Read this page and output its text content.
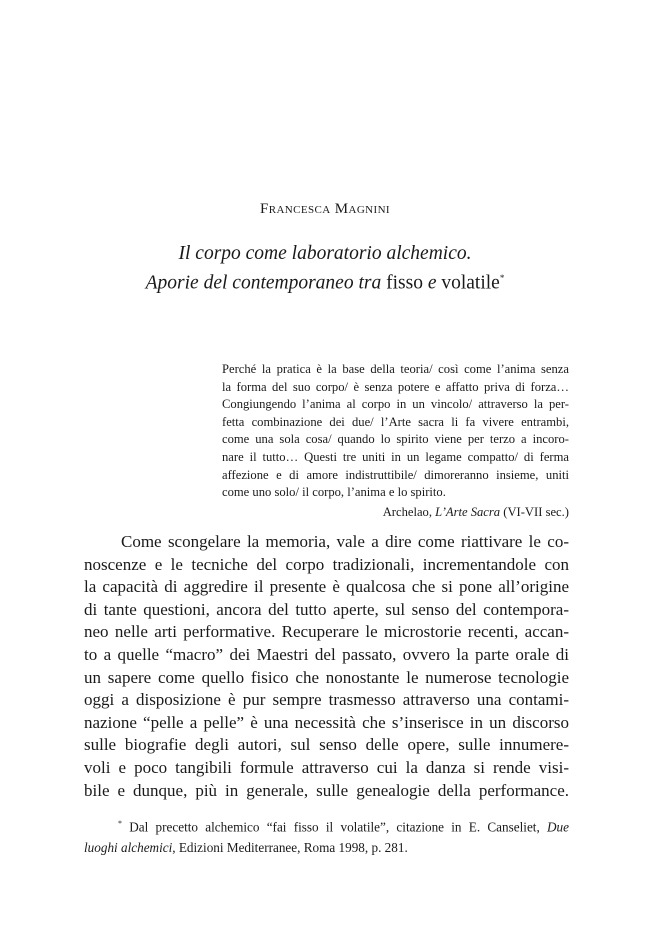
Francesca Magnini
Il corpo come laboratorio alchemico.
Aporie del contemporaneo tra fisso e volatile*
Perché la pratica è la base della teoria/ così come l’anima senza
la forma del suo corpo/ è senza potere e affatto priva di forza…
Congiungendo l’anima al corpo in un vincolo/ attraverso la per-
fetta combinazione dei due/ l’Arte sacra li fa vivere entrambi,
come una sola cosa/ quando lo spirito viene per terzo a incoro-
nare il tutto… Questi tre uniti in un legame compatto/ di ferma
affezione e di amore indistruttibile/ dimoreranno insieme, uniti
come uno solo/ il corpo, l’anima e lo spirito.
Archelao, L’Arte Sacra (VI-VII sec.)
Come scongelare la memoria, vale a dire come riattivare le co-
noscenze e le tecniche del corpo tradizionali, incrementandole con
la capacità di aggredire il presente è qualcosa che si pone all’origine
di tante questioni, ancora del tutto aperte, sul senso del contempora-
neo nelle arti performative. Recuperare le microstorie recenti, accan-
to a quelle “macro” dei Maestri del passato, ovvero la parte orale di
un sapere come quello fisico che nonostante le numerose tecnologie
oggi a disposizione è pur sempre trasmesso attraverso una contami-
nazione “pelle a pelle” è una necessità che s’inserisce in un discorso
sulle biografie degli autori, sul senso delle opere, sulle innumere-
voli e poco tangibili formule attraverso cui la danza si rende visi-
bile e dunque, più in generale, sulle genealogie della performance.
* Dal precetto alchemico “fai fisso il volatile”, citazione in E. Canseliet, Due
luoghi alchemici, Edizioni Mediterranee, Roma 1998, p. 281.
